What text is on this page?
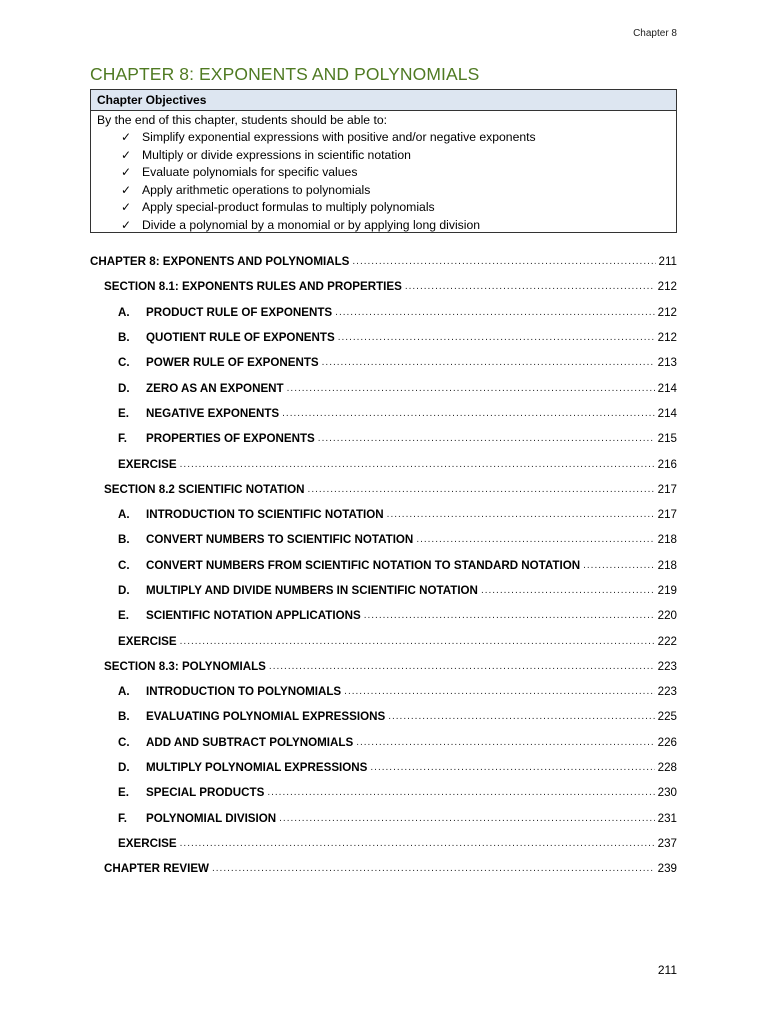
Chapter 8
CHAPTER 8: EXPONENTS AND POLYNOMIALS
Chapter Objectives
By the end of this chapter, students should be able to:
✓ Simplify exponential expressions with positive and/or negative exponents
✓ Multiply or divide expressions in scientific notation
✓ Evaluate polynomials for specific values
✓ Apply arithmetic operations to polynomials
✓ Apply special-product formulas to multiply polynomials
✓ Divide a polynomial by a monomial or by applying long division
CHAPTER 8: EXPONENTS AND POLYNOMIALS .....	211
SECTION 8.1: EXPONENTS RULES AND PROPERTIES .....	212
A.	PRODUCT RULE OF EXPONENTS .....	212
B.	QUOTIENT RULE OF EXPONENTS .....	212
C.	POWER RULE OF EXPONENTS .....	213
D.	ZERO AS AN EXPONENT .....	214
E.	NEGATIVE EXPONENTS .....	214
F.	PROPERTIES OF EXPONENTS .....	215
EXERCISE .....	216
SECTION 8.2 SCIENTIFIC NOTATION .....	217
A.	INTRODUCTION TO SCIENTIFIC NOTATION .....	217
B.	CONVERT NUMBERS TO SCIENTIFIC NOTATION .....	218
C.	CONVERT NUMBERS FROM SCIENTIFIC NOTATION TO STANDARD NOTATION .....	218
D.	MULTIPLY AND DIVIDE NUMBERS IN SCIENTIFIC NOTATION .....	219
E.	SCIENTIFIC NOTATION APPLICATIONS .....	220
EXERCISE .....	222
SECTION 8.3: POLYNOMIALS .....	223
A.	INTRODUCTION TO POLYNOMIALS .....	223
B.	EVALUATING POLYNOMIAL EXPRESSIONS .....	225
C.	ADD AND SUBTRACT POLYNOMIALS .....	226
D.	MULTIPLY POLYNOMIAL EXPRESSIONS .....	228
E.	SPECIAL PRODUCTS .....	230
F.	POLYNOMIAL DIVISION .....	231
EXERCISE .....	237
CHAPTER REVIEW .....	239
211
